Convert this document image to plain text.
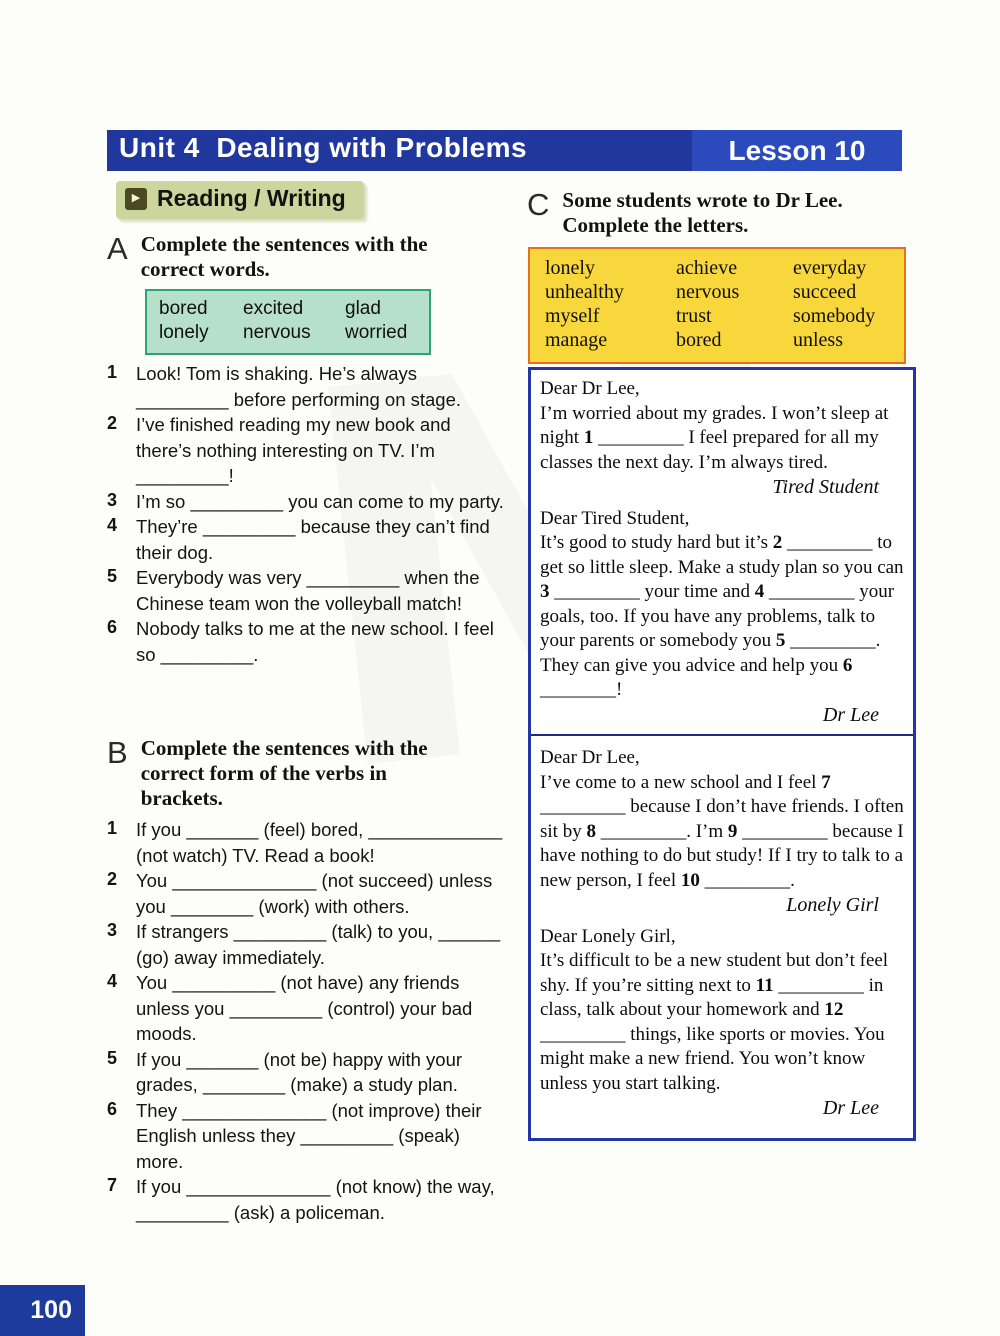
Unit 4  Dealing with Problems	Lesson 10
▶ Reading / Writing
A Complete the sentences with the correct words.
bored	excited	glad
lonely	nervous	worried
1	Look! Tom is shaking. He’s always _________ before performing on stage.
2	I’ve finished reading my new book and there’s nothing interesting on TV. I’m _________!
3	I’m so _________ you can come to my party.
4	They’re _________ because they can’t find their dog.
5	Everybody was very _________ when the Chinese team won the volleyball match!
6	Nobody talks to me at the new school. I feel so _________.
B Complete the sentences with the correct form of the verbs in brackets.
1	If you _______ (feel) bored, _____________ (not watch) TV. Read a book!
2	You ______________ (not succeed) unless you ________ (work) with others.
3	If strangers _________ (talk) to you, ______ (go) away immediately.
4	You __________ (not have) any friends unless you _________ (control) your bad moods.
5	If you _______ (not be) happy with your grades, ________ (make) a study plan.
6	They ______________ (not improve) their English unless they _________ (speak) more.
7	If you ______________ (not know) the way, _________ (ask) a policeman.
C Some students wrote to Dr Lee. Complete the letters.
lonely	achieve	everyday
unhealthy	nervous	succeed
myself	trust	somebody
manage	bored	unless
Dear Dr Lee,
I’m worried about my grades. I won’t sleep at night 1 _________ I feel prepared for all my classes the next day. I’m always tired.
Tired Student
Dear Tired Student,
It’s good to study hard but it’s 2 _________ to get so little sleep. Make a study plan so you can 3 _________ your time and 4 _________ your goals, too. If you have any problems, talk to your parents or somebody you 5 _________. They can give you advice and help you 6 ________!
Dr Lee
Dear Dr Lee,
I’ve come to a new school and I feel 7 _________ because I don’t have friends. I often sit by 8 _________. I’m 9 _________ because I have nothing to do but study! If I try to talk to a new person, I feel 10 _________.
Lonely Girl
Dear Lonely Girl,
It’s difficult to be a new student but don’t feel shy. If you’re sitting next to 11 _________ in class, talk about your homework and 12 _________ things, like sports or movies. You might make a new friend. You won’t know unless you start talking.
Dr Lee
100
